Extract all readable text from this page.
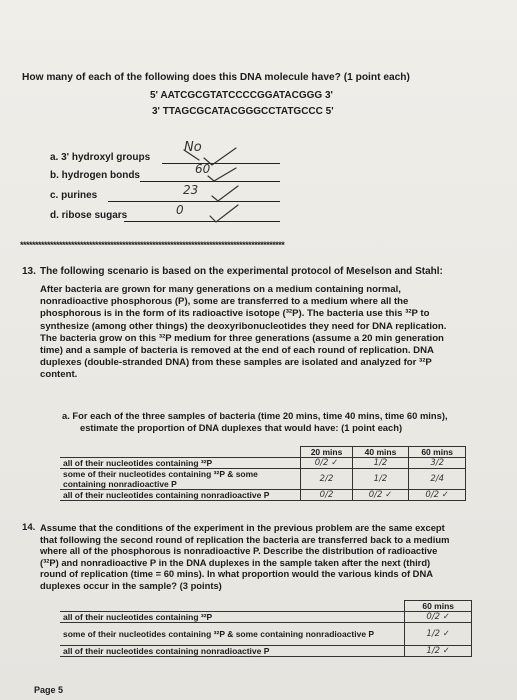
How many of each of the following does this DNA molecule have? (1 point each)
5' AATCGCGTATCCCCGGATACGGG 3'
3' TTAGCGCATACGGGCCTATGCCC 5'
a. 3' hydroxyl groups
No
b. hydrogen bonds	60
c. purines	23
d. ribose sugars	0
****************************************************************************************
13. The following scenario is based on the experimental protocol of Meselson and Stahl:
After bacteria are grown for many generations on a medium containing normal,
nonradioactive phosphorous (P), some are transferred to a medium where all the
phosphorous is in the form of its radioactive isotope (³²P). The bacteria use this ³²P to
synthesize (among other things) the deoxyribonucleotides they need for DNA replication.
The bacteria grow on this ³²P medium for three generations (assume a 20 min generation
time) and a sample of bacteria is removed at the end of each round of replication. DNA
duplexes (double-stranded DNA) from these samples are isolated and analyzed for ³²P
content.
a. For each of the three samples of bacteria (time 20 mins, time 40 mins, time 60 mins),
estimate the proportion of DNA duplexes that would have: (1 point each)
	20 mins	40 mins	60 mins
all of their nucleotides containing ³²P	0/2 ✓	1/2	3/2
some of their nucleotides containing ³²P & some containing nonradioactive P	2/2	1/2	2/4
all of their nucleotides containing nonradioactive P	0/2	0/2 ✓	0/2 ✓
14. Assume that the conditions of the experiment in the previous problem are the same except
that following the second round of replication the bacteria are transferred back to a medium
where all of the phosphorous is nonradioactive P. Describe the distribution of radioactive
(³²P) and nonradioactive P in the DNA duplexes in the sample taken after the next (third)
round of replication (time = 60 mins). In what proportion would the various kinds of DNA
duplexes occur in the sample? (3 points)
	60 mins
all of their nucleotides containing ³²P	0/2 ✓
some of their nucleotides containing ³²P & some containing nonradioactive P	1/2 ✓
all of their nucleotides containing nonradioactive P	1/2 ✓
Page 5
